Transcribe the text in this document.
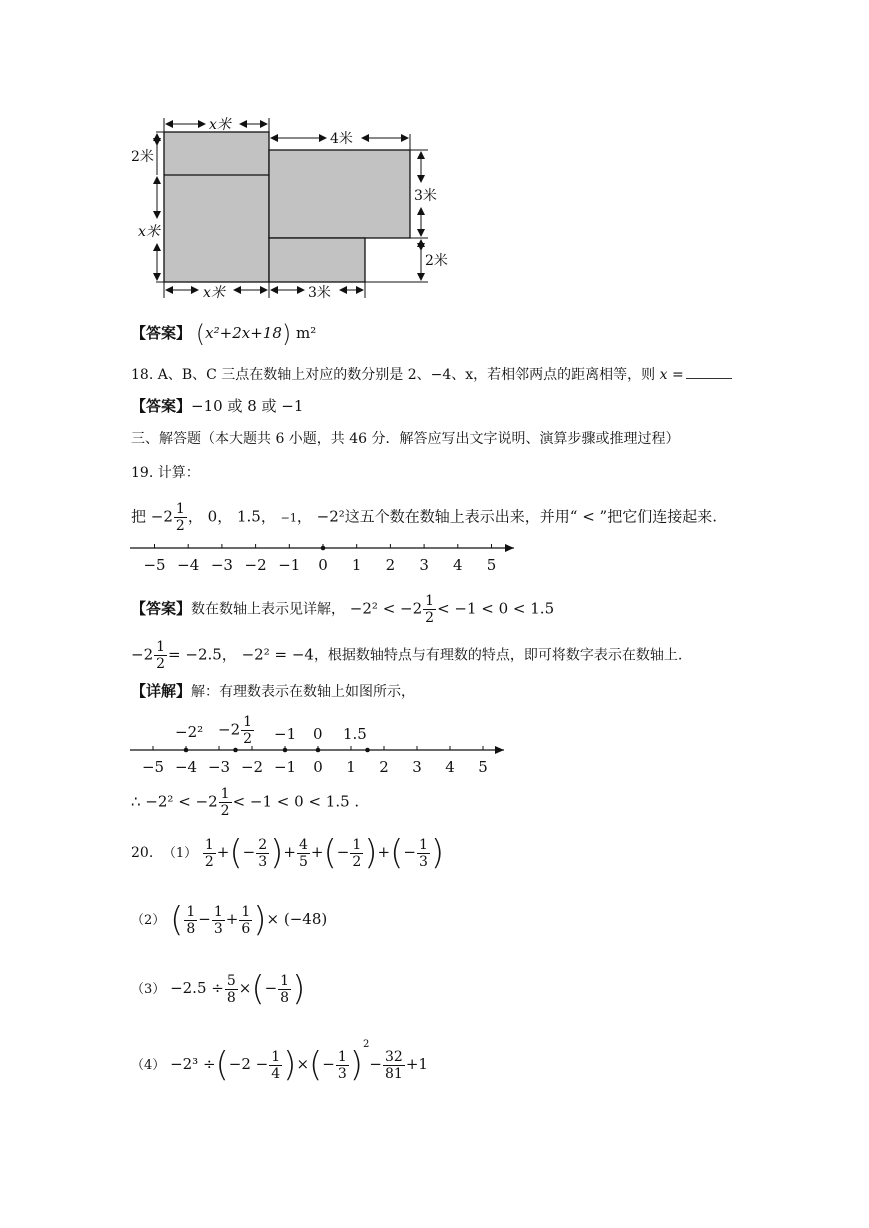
x米
4米
2米
x米
3米
2米
x米	3米
【答案】 (x²+2x+18) m²
18. A、B、C 三点在数轴上对应的数分别是 2、−4、x，若相邻两点的距离相等，则 x =
【答案】−10 或 8 或 −1
三、解答题（本大题共 6 小题，共 46 分．解答应写出文字说明、演算步骤或推理过程）
19. 计算：
把 $-2 \frac{1}{2}$ ， 0， 1.5， −1， −2²这五个数在数轴上表示出来，并用“ < ”把它们连接起来.
−5 −4 −3 −2 −1 0 1 2 3 4 5
【答案】数在数轴上表示见详解， $-2^2 < -2 \frac{1}{2} < -1 < 0 < 1.5$
$-2 \frac{1}{2} = -2.5$， −2² = −4，根据数轴特点与有理数的特点，即可将数字表示在数轴上.
【详解】解：有理数表示在数轴上如图所示，
$-2^2 -2 \frac{1}{2} -1$ 0 1.5
−5 −4 −3 −2 −1 0 1 2 3 4 5
∴ $-2^2 < -2 \frac{1}{2} < -1 < 0 < 1.5$ .
20. $(1) \frac{1}{2}$ +(− $\frac{2}{3}$ )+ $\frac{4}{5}$ +(− $\frac{1}{2}$ )+(− $\frac{1}{3}$ )
（2） ( $\frac{1}{8} - \frac{1}{3} + \frac{1}{6}$ )× (−48)
$(3) -2.5 \div \frac{5}{8}$ ×(− $\frac{1}{8}$ )
$(4) -2^3 \div(-2 - \frac{1}{4}$ )×(− $\frac{1}{3} )^2- \frac{32}{81} +1$
